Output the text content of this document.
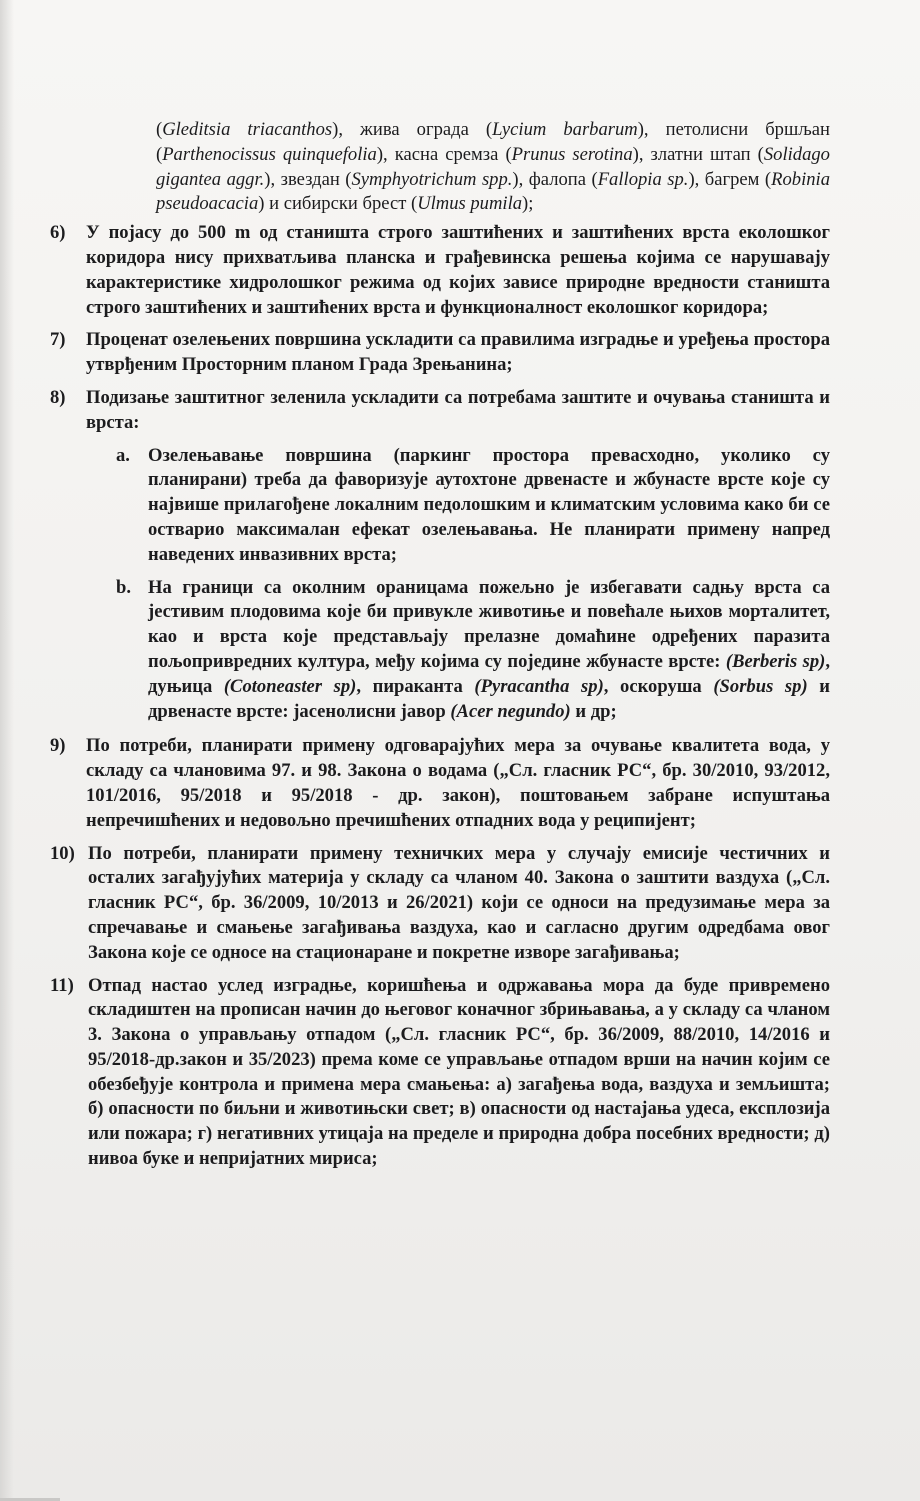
(Gleditsia triacanthos), жива ограда (Lycium barbarum), петолисни бршљан (Parthenocissus quinquefolia), касна сремза (Prunus serotina), златни штап (Solidago gigantea aggr.), звездан (Symphyotrichum spp.), фалопа (Fallopia sp.), багрем (Robinia pseudoacacia) и сибирски брест (Ulmus pumila);

6)	У појасу до 500 m од станишта строго заштићених и заштићених врста еколошког коридора нису прихватљива планска и грађевинска решења којима се нарушавају карактеристике хидролошког режима од којих зависе природне вредности станишта строго заштићених и заштићених врста и функционалност еколошког коридора;
7)	Проценат озелењених површина ускладити са правилима изградње и уређења простора утврђеним Просторним планом Града Зрењанина;
8)	Подизање заштитног зеленила ускладити са потребама заштите и очувања станишта и врста:
a. Озелењавање површина (паркинг простора превасходно, уколико су планирани) треба да фаворизује аутохтоне дрвенасте и жбунасте врсте које су највише прилагођене локалним педолошким и климатским условима како би се остварио максималан ефекат озелењавања. Не планирати примену напред наведених инвазивних врста;
b. На граници са околним ораницама пожељно је избегавати садњу врста са јестивим плодовима које би привукле животиње и повећале њихов морталитет, као и врста које представљају прелазне домаћине одређених паразита пољопривредних култура, међу којима су поједине жбунасте врсте: (Berberis sp), дуњица (Cotoneaster sp), пираканта (Pyracantha sp), оскоруша (Sorbus sp) и дрвенасте врсте: јасенолисни јавор (Acer negundo) и др;
9)	По потреби, планирати примену одговарајућих мера за очување квалитета вода, у складу са члановима 97. и 98. Закона о водама („Сл. гласник РС“, бр. 30/2010, 93/2012, 101/2016, 95/2018 и 95/2018 - др. закон), поштовањем забране испуштања непречишћених и недовољно пречишћених отпадних вода у реципијент;
10) По потреби, планирати примену техничких мера у случају емисије честичних и осталих загађујућих материја у складу са чланом 40. Закона о заштити ваздуха („Сл. гласник РС“, бр. 36/2009, 10/2013 и 26/2021) који се односи на предузимање мера за спречавање и смањење загађивања ваздуха, као и сагласно другим одредбама овог Закона које се односе на стационаране и покретне изворе загађивања;
11) Отпад настао услед изградње, коришћења и одржавања мора да буде привремено складиштен на прописан начин до његовог коначног збрињавања, а у складу са чланом 3. Закона о управљању отпадом („Сл. гласник РС“, бр. 36/2009, 88/2010, 14/2016 и 95/2018-др.закон и 35/2023) према коме се управљање отпадом врши на начин којим се обезбеђује контрола и примена мера смањења: а) загађења вода, ваздуха и земљишта; б) опасности по биљни и животињски свет; в) опасности од настајања удеса, експлозија или пожара; г) негативних утицаја на пределе и природна добра посебних вредности; д) нивоа буке и непријатних мириса;
